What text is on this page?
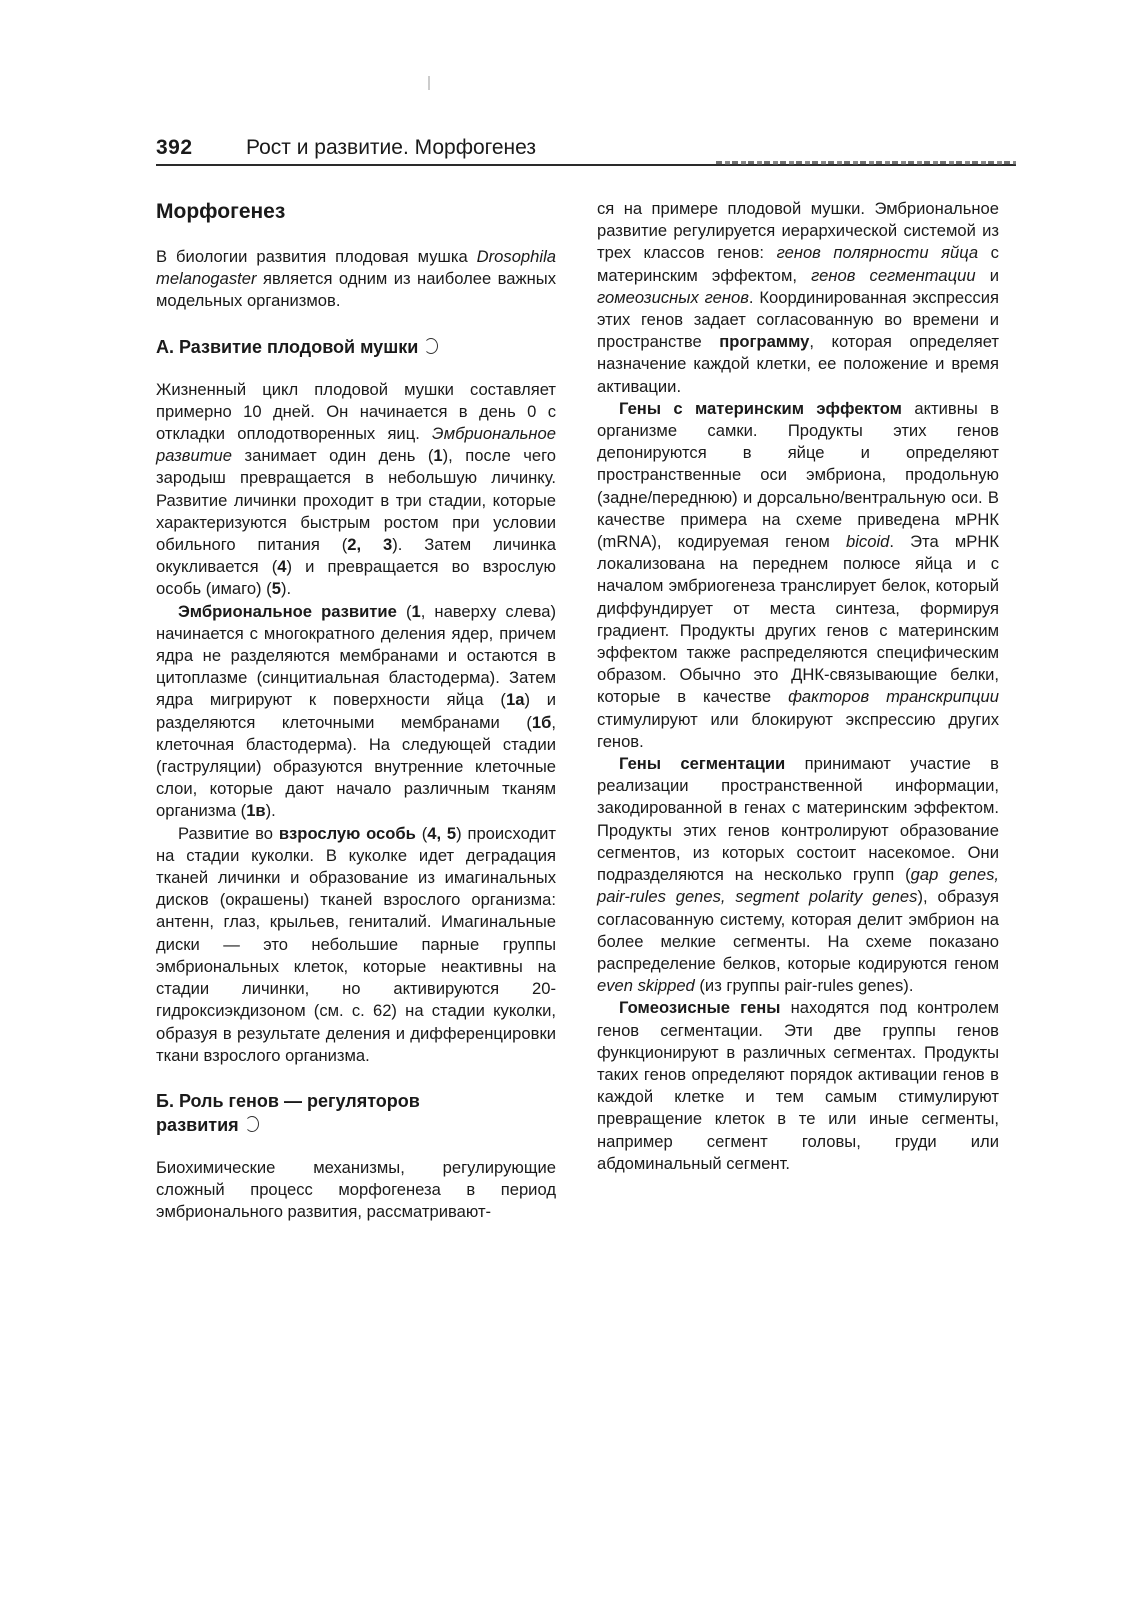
392	Рост и развитие. Морфогенез
Морфогенез

В биологии развития плодовая мушка Drosophila melanogaster является одним из наиболее важных модельных организмов.

А. Развитие плодовой мушки

Жизненный цикл плодовой мушки составляет примерно 10 дней. Он начинается в день 0 с откладки оплодотворенных яиц. Эмбриональное развитие занимает один день (1), после чего зародыш превращается в небольшую личинку. Развитие личинки проходит в три стадии, которые характеризуются быстрым ростом при условии обильного питания (2, 3). Затем личинка окукливается (4) и превращается во взрослую особь (имаго) (5).

Эмбриональное развитие (1, наверху слева) начинается с многократного деления ядер, причем ядра не разделяются мембранами и остаются в цитоплазме (синцитиальная бластодерма). Затем ядра мигрируют к поверхности яйца (1а) и разделяются клеточными мембранами (1б, клеточная бластодерма). На следующей стадии (гаструляции) образуются внутренние клеточные слои, которые дают начало различным тканям организма (1в).

Развитие во взрослую особь (4, 5) происходит на стадии куколки. В куколке идет деградация тканей личинки и образование из имагинальных дисков (окрашены) тканей взрослого организма: антенн, глаз, крыльев, гениталий. Имагинальные диски — это небольшие парные группы эмбриональных клеток, которые неактивны на стадии личинки, но активируются 20-гидроксиэкдизоном (см. с. 62) на стадии куколки, образуя в результате деления и дифференцировки ткани взрослого организма.

Б. Роль генов — регуляторов
развития

Биохимические механизмы, регулирующие сложный процесс морфогенеза в период эмбрионального развития, рассматривают-

ся на примере плодовой мушки. Эмбриональное развитие регулируется иерархической системой из трех классов генов: генов полярности яйца с материнским эффектом, генов сегментации и гомеозисных генов. Координированная экспрессия этих генов задает согласованную во времени и пространстве программу, которая определяет назначение каждой клетки, ее положение и время активации.

Гены с материнским эффектом активны в организме самки. Продукты этих генов депонируются в яйце и определяют пространственные оси эмбриона, продольную (заднe/переднюю) и дорсально/вентральную оси. В качестве примера на схеме приведена мРНК (mRNA), кодируемая геном bicoid. Эта мРНК локализована на переднем полюсе яйца и с началом эмбриогенеза транслирует белок, который диффундирует от места синтеза, формируя градиент. Продукты других генов с материнским эффектом также распределяются специфическим образом. Обычно это ДНК-связывающие белки, которые в качестве факторов транскрипции стимулируют или блокируют экспрессию других генов.

Гены сегментации принимают участие в реализации пространственной информации, закодированной в генах с материнским эффектом. Продукты этих генов контролируют образование сегментов, из которых состоит насекомое. Они подразделяются на несколько групп (gap genes, pair-rules genes, segment polarity genes), образуя согласованную систему, которая делит эмбрион на более мелкие сегменты. На схеме показано распределение белков, которые кодируются геном even skipped (из группы pair-rules genes).

Гомеозисные гены находятся под контролем генов сегментации. Эти две группы генов функционируют в различных сегментах. Продукты таких генов определяют порядок активации генов в каждой клетке и тем самым стимулируют превращение клеток в те или иные сегменты, например сегмент головы, груди или абдоминальный сегмент.
